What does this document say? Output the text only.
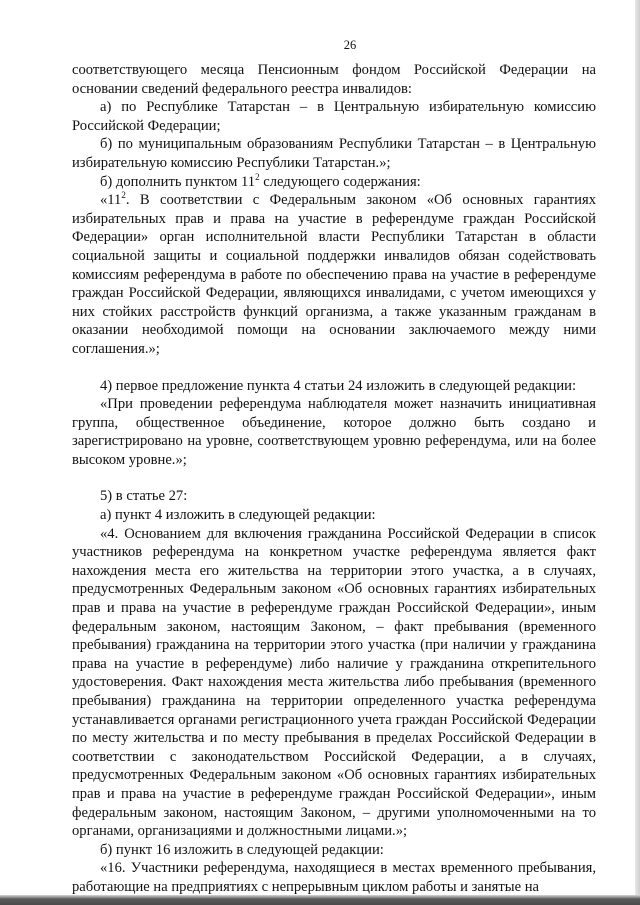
26

соответствующего месяца Пенсионным фондом Российской Федерации на основании сведений федерального реестра инвалидов:

а) по Республике Татарстан – в Центральную избирательную комиссию Российской Федерации;

б) по муниципальным образованиям Республики Татарстан – в Центральную избирательную комиссию Республики Татарстан.»;

б) дополнить пунктом $11^2$ следующего содержания:

«$11^2$. В соответствии с Федеральным законом «Об основных гарантиях избирательных прав и права на участие в референдуме граждан Российской Федерации» орган исполнительной власти Республики Татарстан в области социальной защиты и социальной поддержки инвалидов обязан содействовать комиссиям референдума в работе по обеспечению права на участие в референдуме граждан Российской Федерации, являющихся инвалидами, с учетом имеющихся у них стойких расстройств функций организма, а также указанным гражданам в оказании необходимой помощи на основании заключаемого между ними соглашения.»;

4) первое предложение пункта 4 статьи 24 изложить в следующей редакции:

«При проведении референдума наблюдателя может назначить инициативная группа, общественное объединение, которое должно быть создано и зарегистрировано на уровне, соответствующем уровню референдума, или на более высоком уровне.»;

5) в статье 27:

а) пункт 4 изложить в следующей редакции:

«4. Основанием для включения гражданина Российской Федерации в список участников референдума на конкретном участке референдума является факт нахождения места его жительства на территории этого участка, а в случаях, предусмотренных Федеральным законом «Об основных гарантиях избирательных прав и права на участие в референдуме граждан Российской Федерации», иным федеральным законом, настоящим Законом, – факт пребывания (временного пребывания) гражданина на территории этого участка (при наличии у гражданина права на участие в референдуме) либо наличие у гражданина открепительного удостоверения. Факт нахождения места жительства либо пребывания (временного пребывания) гражданина на территории определенного участка референдума устанавливается органами регистрационного учета граждан Российской Федерации по месту жительства и по месту пребывания в пределах Российской Федерации в соответствии с законодательством Российской Федерации, а в случаях, предусмотренных Федеральным законом «Об основных гарантиях избирательных прав и права на участие в референдуме граждан Российской Федерации», иным федеральным законом, настоящим Законом, – другими уполномоченными на то органами, организациями и должностными лицами.»;

б) пункт 16 изложить в следующей редакции:

«16. Участники референдума, находящиеся в местах временного пребывания, работающие на предприятиях с непрерывным циклом работы и занятые на
